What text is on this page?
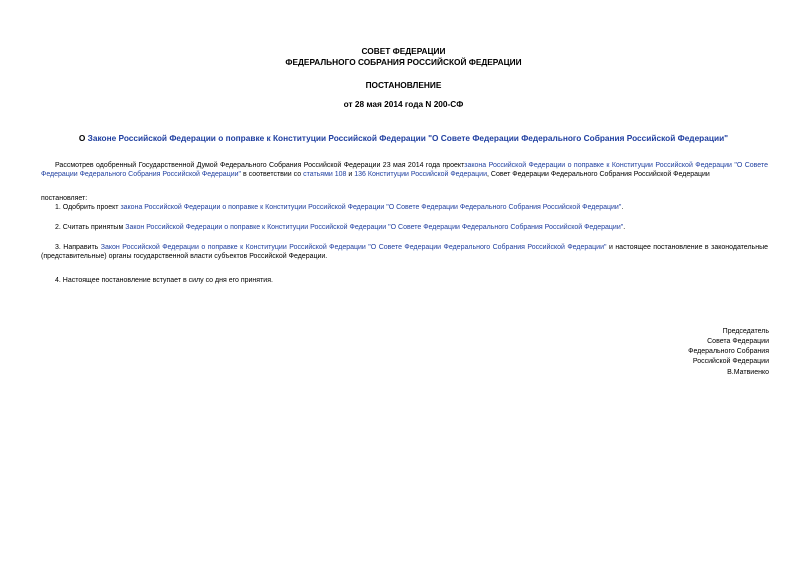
СОВЕТ ФЕДЕРАЦИИ
ФЕДЕРАЛЬНОГО СОБРАНИЯ РОССИЙСКОЙ ФЕДЕРАЦИИ
ПОСТАНОВЛЕНИЕ
от 28 мая 2014 года N 200-СФ
О Законе Российской Федерации о поправке к Конституции Российской Федерации "О Совете Федерации Федерального Собрания Российской Федерации"
Рассмотрев одобренный Государственной Думой Федерального Собрания Российской Федерации 23 мая 2014 года проектзакона Российской Федерации о поправке к Конституции Российской Федерации "О Совете Федерации Федерального Собрания Российской Федерации" в соответствии со статьями 108 и 136 Конституции Российской Федерации, Совет Федерации Федерального Собрания Российской Федерации
постановляет:
1. Одобрить проект закона Российской Федерации о поправке к Конституции Российской Федерации "О Совете Федерации Федерального Собрания Российской Федерации".
2. Считать принятым Закон Российской Федерации о поправке к Конституции Российской Федерации "О Совете Федерации Федерального Собрания Российской Федерации".
3. Направить Закон Российской Федерации о поправке к Конституции Российской Федерации "О Совете Федерации Федерального Собрания Российской Федерации" и настоящее постановление в законодательные (представительные) органы государственной власти субъектов Российской Федерации.
4. Настоящее постановление вступает в силу со дня его принятия.
Председатель
Совета Федерации
Федерального Собрания
Российской Федерации
В.Матвиенко
